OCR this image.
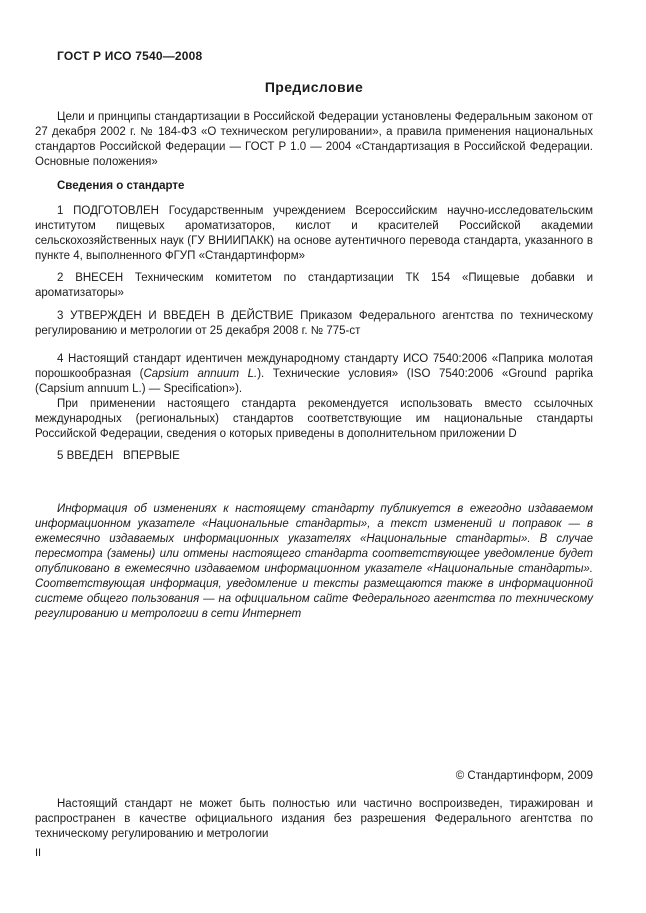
ГОСТ Р ИСО 7540—2008
Предисловие

Цели и принципы стандартизации в Российской Федерации установлены Федеральным законом от 27 декабря 2002 г. № 184-ФЗ «О техническом регулировании», а правила применения национальных стандартов Российской Федерации — ГОСТ Р 1.0 — 2004 «Стандартизация в Российской Федерации. Основные положения»

Сведения о стандарте

1 ПОДГОТОВЛЕН Государственным учреждением Всероссийским научно-исследовательским институтом пищевых ароматизаторов, кислот и красителей Российской академии сельскохозяйственных наук (ГУ ВНИИПАКК) на основе аутентичного перевода стандарта, указанного в пункте 4, выполненного ФГУП «Стандартинформ»

2 ВНЕСЕН Техническим комитетом по стандартизации ТК 154 «Пищевые добавки и ароматизаторы»

3 УТВЕРЖДЕН И ВВЕДЕН В ДЕЙСТВИЕ Приказом Федерального агентства по техническому регулированию и метрологии от 25 декабря 2008 г. № 775-ст

4 Настоящий стандарт идентичен международному стандарту ИСО 7540:2006 «Паприка молотая порошкообразная (Capsium annuum L.). Технические условия» (ISO 7540:2006 «Ground paprika (Capsium annuum L.) — Specification»).

При применении настоящего стандарта рекомендуется использовать вместо ссылочных международных (региональных) стандартов соответствующие им национальные стандарты Российской Федерации, сведения о которых приведены в дополнительном приложении D

5 ВВЕДЕН   ВПЕРВЫЕ

Информация об изменениях к настоящему стандарту публикуется в ежегодно издаваемом информационном указателе «Национальные стандарты», а текст изменений и поправок — в ежемесячно издаваемых информационных указателях «Национальные стандарты». В случае пересмотра (замены) или отмены настоящего стандарта соответствующее уведомление будет опубликовано в ежемесячно издаваемом информационном указателе «Национальные стандарты». Соответствующая информация, уведомление и тексты размещаются также в информационной системе общего пользования — на официальном сайте Федерального агентства по техническому регулированию и метрологии в сети Интернет

© Стандартинформ, 2009

Настоящий стандарт не может быть полностью или частично воспроизведен, тиражирован и распространен в качестве официального издания без разрешения Федерального агентства по техническому регулированию и метрологии

II
